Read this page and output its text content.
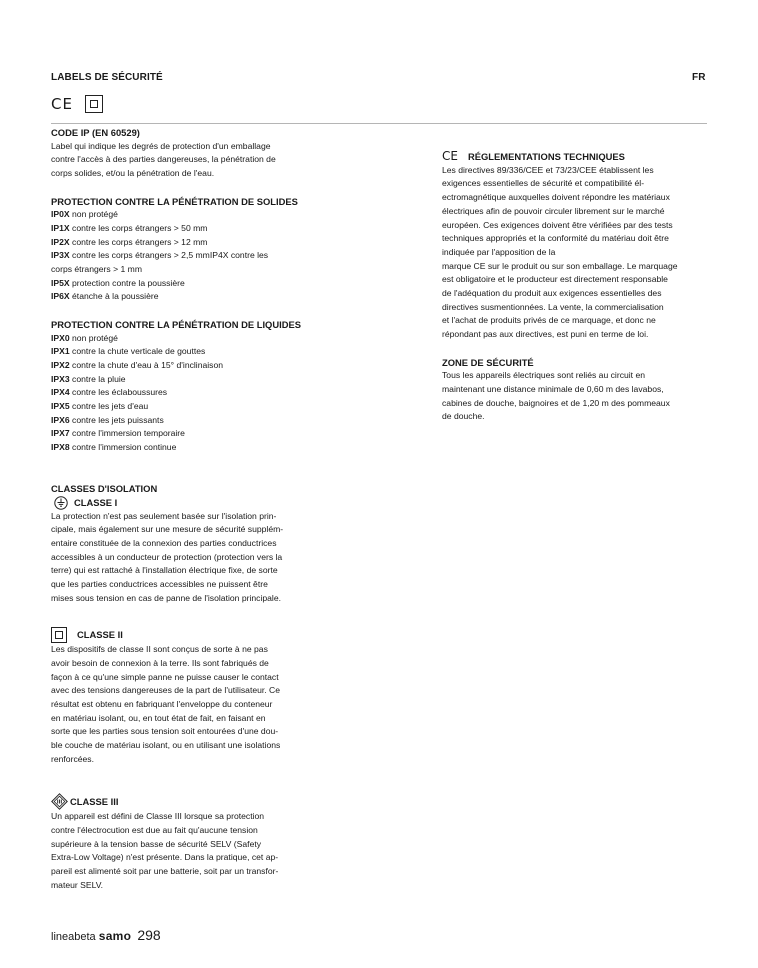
LABELS DE SÉCURITÉ	FR
CE

CODE IP (EN 60529)

Label qui indique les degrés de protection d'un emballage

contre l'accès à des parties dangereuses, la pénétration de

corps solides, et/ou la pénétration de l'eau.

PROTECTION CONTRE LA PÉNÉTRATION DE SOLIDES

IP0X non protégé

IP1X contre les corps étrangers > 50 mm

IP2X contre les corps étrangers > 12 mm

IP3X contre les corps étrangers > 2,5 mmIP4X contre les

corps étrangers > 1 mm

IP5X protection contre la poussière

IP6X étanche à la poussière

PROTECTION CONTRE LA PÉNÉTRATION DE LIQUIDES

IPX0 non protégé

IPX1 contre la chute verticale de gouttes

IPX2 contre la chute d'eau à 15° d'inclinaison

IPX3 contre la pluie

IPX4 contre les éclaboussures

IPX5 contre les jets d'eau

IPX6 contre les jets puissants

IPX7 contre l'immersion temporaire

IPX8 contre l'immersion continue

CLASSES D'ISOLATION

CLASSE I

La protection n'est pas seulement basée sur l'isolation prin-

cipale, mais également sur une mesure de sécurité supplém-

entaire constituée de la connexion des parties conductrices

accessibles à un conducteur de protection (protection vers la

terre) qui est rattaché à l'installation électrique fixe, de sorte

que les parties conductrices accessibles ne puissent être

mises sous tension en cas de panne de l'isolation principale.

CLASSE II

Les dispositifs de classe II sont conçus de sorte à ne pas

avoir besoin de connexion à la terre. Ils sont fabriqués de

façon à ce qu'une simple panne ne puisse causer le contact

avec des tensions dangereuses de la part de l'utilisateur. Ce

résultat est obtenu en fabriquant l'enveloppe du conteneur

en matériau isolant, ou, en tout état de fait, en faisant en

sorte que les parties sous tension soit entourées d'une dou-

ble couche de matériau isolant, ou en utilisant une isolations

renforcées.

III CLASSE III

Un appareil est défini de Classe III lorsque sa protection

contre l'électrocution est due au fait qu'aucune tension

supérieure à la tension basse de sécurité SELV (Safety

Extra-Low Voltage) n'est présente. Dans la pratique, cet ap-

pareil est alimenté soit par une batterie, soit par un transfor-

mateur SELV.

CE RÉGLEMENTATIONS TECHNIQUES

Les directives 89/336/CEE et 73/23/CEE établissent les

exigences essentielles de sécurité et compatibilité él-

ectromagnétique auxquelles doivent répondre les matériaux

électriques afin de pouvoir circuler librement sur le marché

européen. Ces exigences doivent être vérifiées par des tests

techniques appropriés et la conformité du matériau doit être

indiquée par l'apposition de la

marque CE sur le produit ou sur son emballage. Le marquage

est obligatoire et le producteur est directement responsable

de l'adéquation du produit aux exigences essentielles des

directives susmentionnées. La vente, la commercialisation

et l'achat de produits privés de ce marquage, et donc ne

répondant pas aux directives, est puni en terme de loi.

ZONE DE SÉCURITÉ

Tous les appareils électriques sont reliés au circuit en

maintenant une distance minimale de 0,60 m des lavabos,

cabines de douche, baignoires et de 1,20 m des pommeaux

de douche.

lineabeta samo 298
